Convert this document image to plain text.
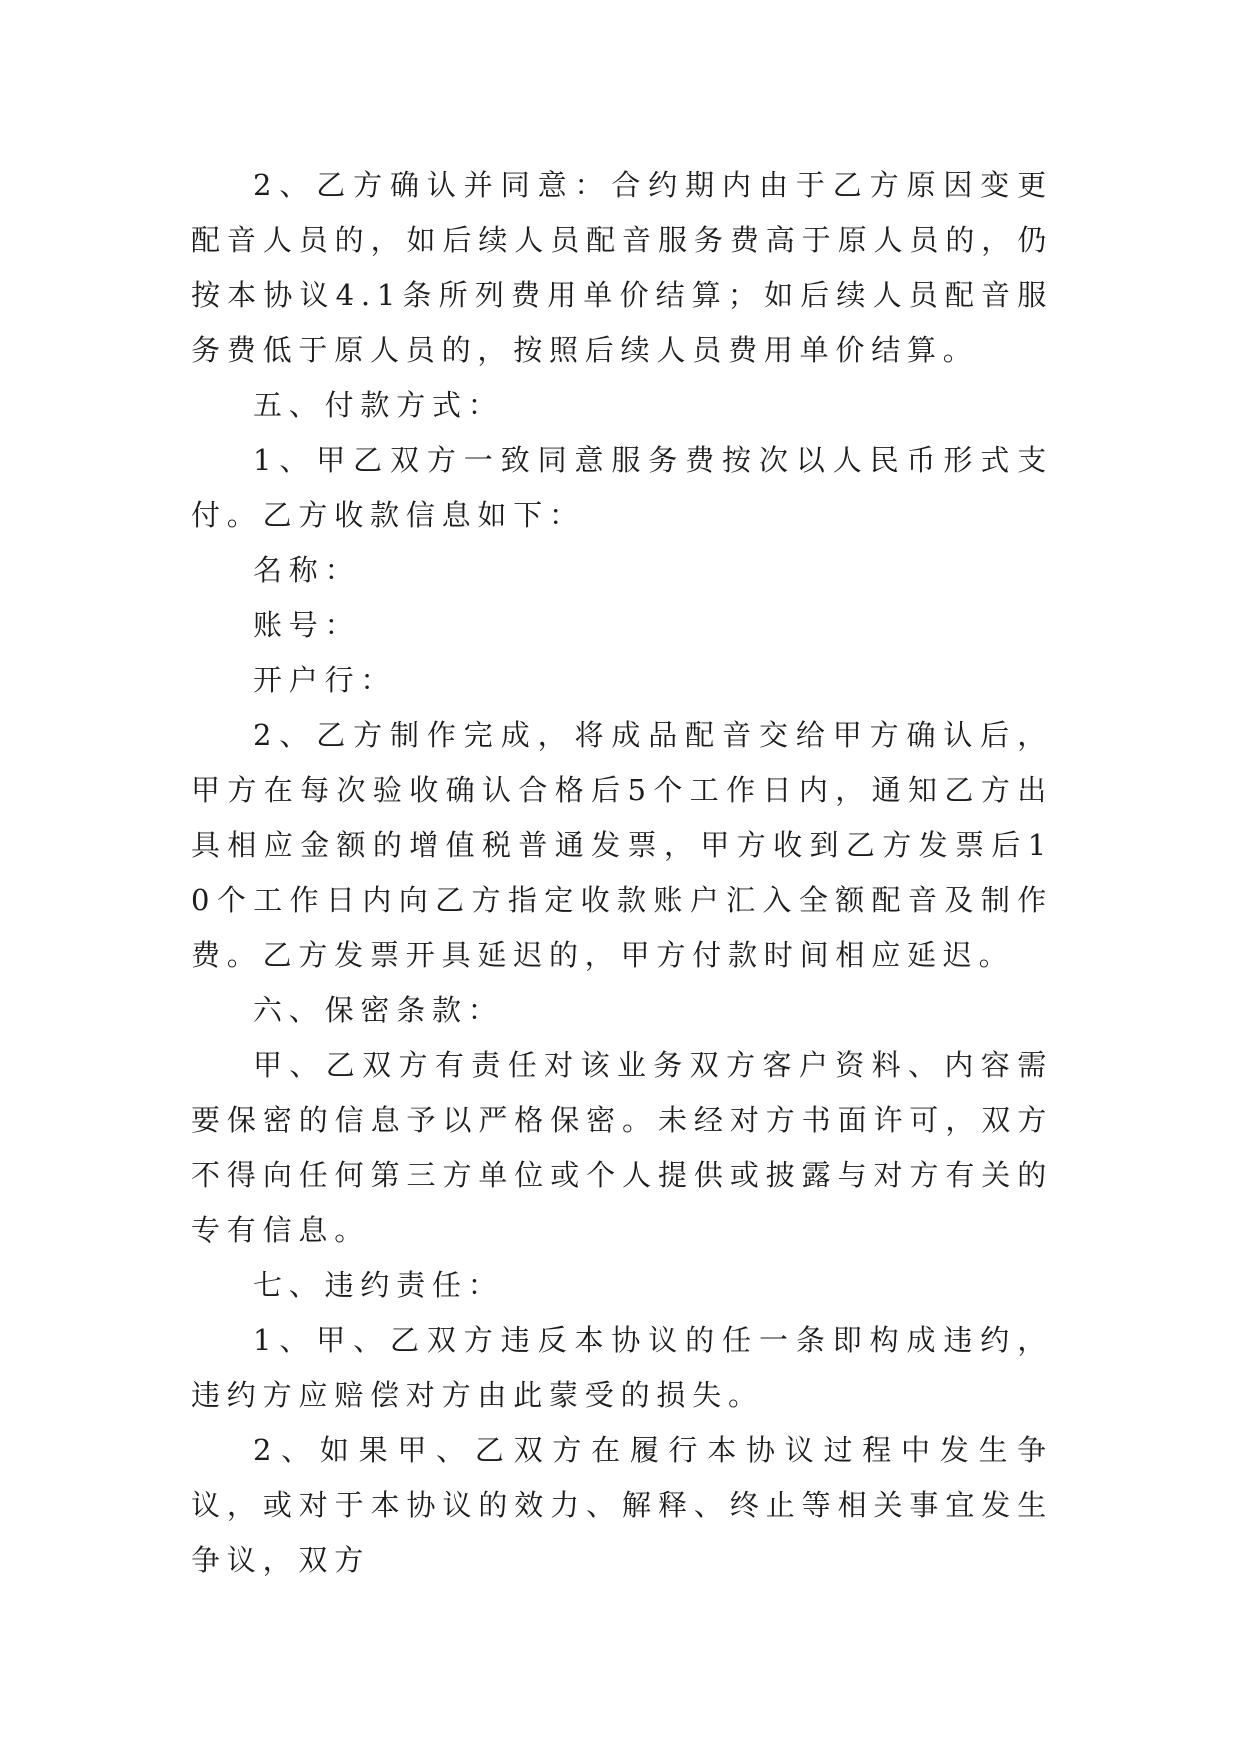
2、乙方确认并同意：合约期内由于乙方原因变更配音人员的，如后续人员配音服务费高于原人员的，仍按本协议4.1条所列费用单价结算；如后续人员配音服务费低于原人员的，按照后续人员费用单价结算。

五、付款方式：

1、甲乙双方一致同意服务费按次以人民币形式支付。乙方收款信息如下：

名称：

账号：

开户行：

2、乙方制作完成，将成品配音交给甲方确认后，甲方在每次验收确认合格后5个工作日内，通知乙方出具相应金额的增值税普通发票，甲方收到乙方发票后10个工作日内向乙方指定收款账户汇入全额配音及制作费。乙方发票开具延迟的，甲方付款时间相应延迟。

六、保密条款：

甲、乙双方有责任对该业务双方客户资料、内容需要保密的信息予以严格保密。未经对方书面许可，双方不得向任何第三方单位或个人提供或披露与对方有关的专有信息。

七、违约责任：

1、甲、乙双方违反本协议的任一条即构成违约，违约方应赔偿对方由此蒙受的损失。

2、如果甲、乙双方在履行本协议过程中发生争议，或对于本协议的效力、解释、终止等相关事宜发生争议，双方
